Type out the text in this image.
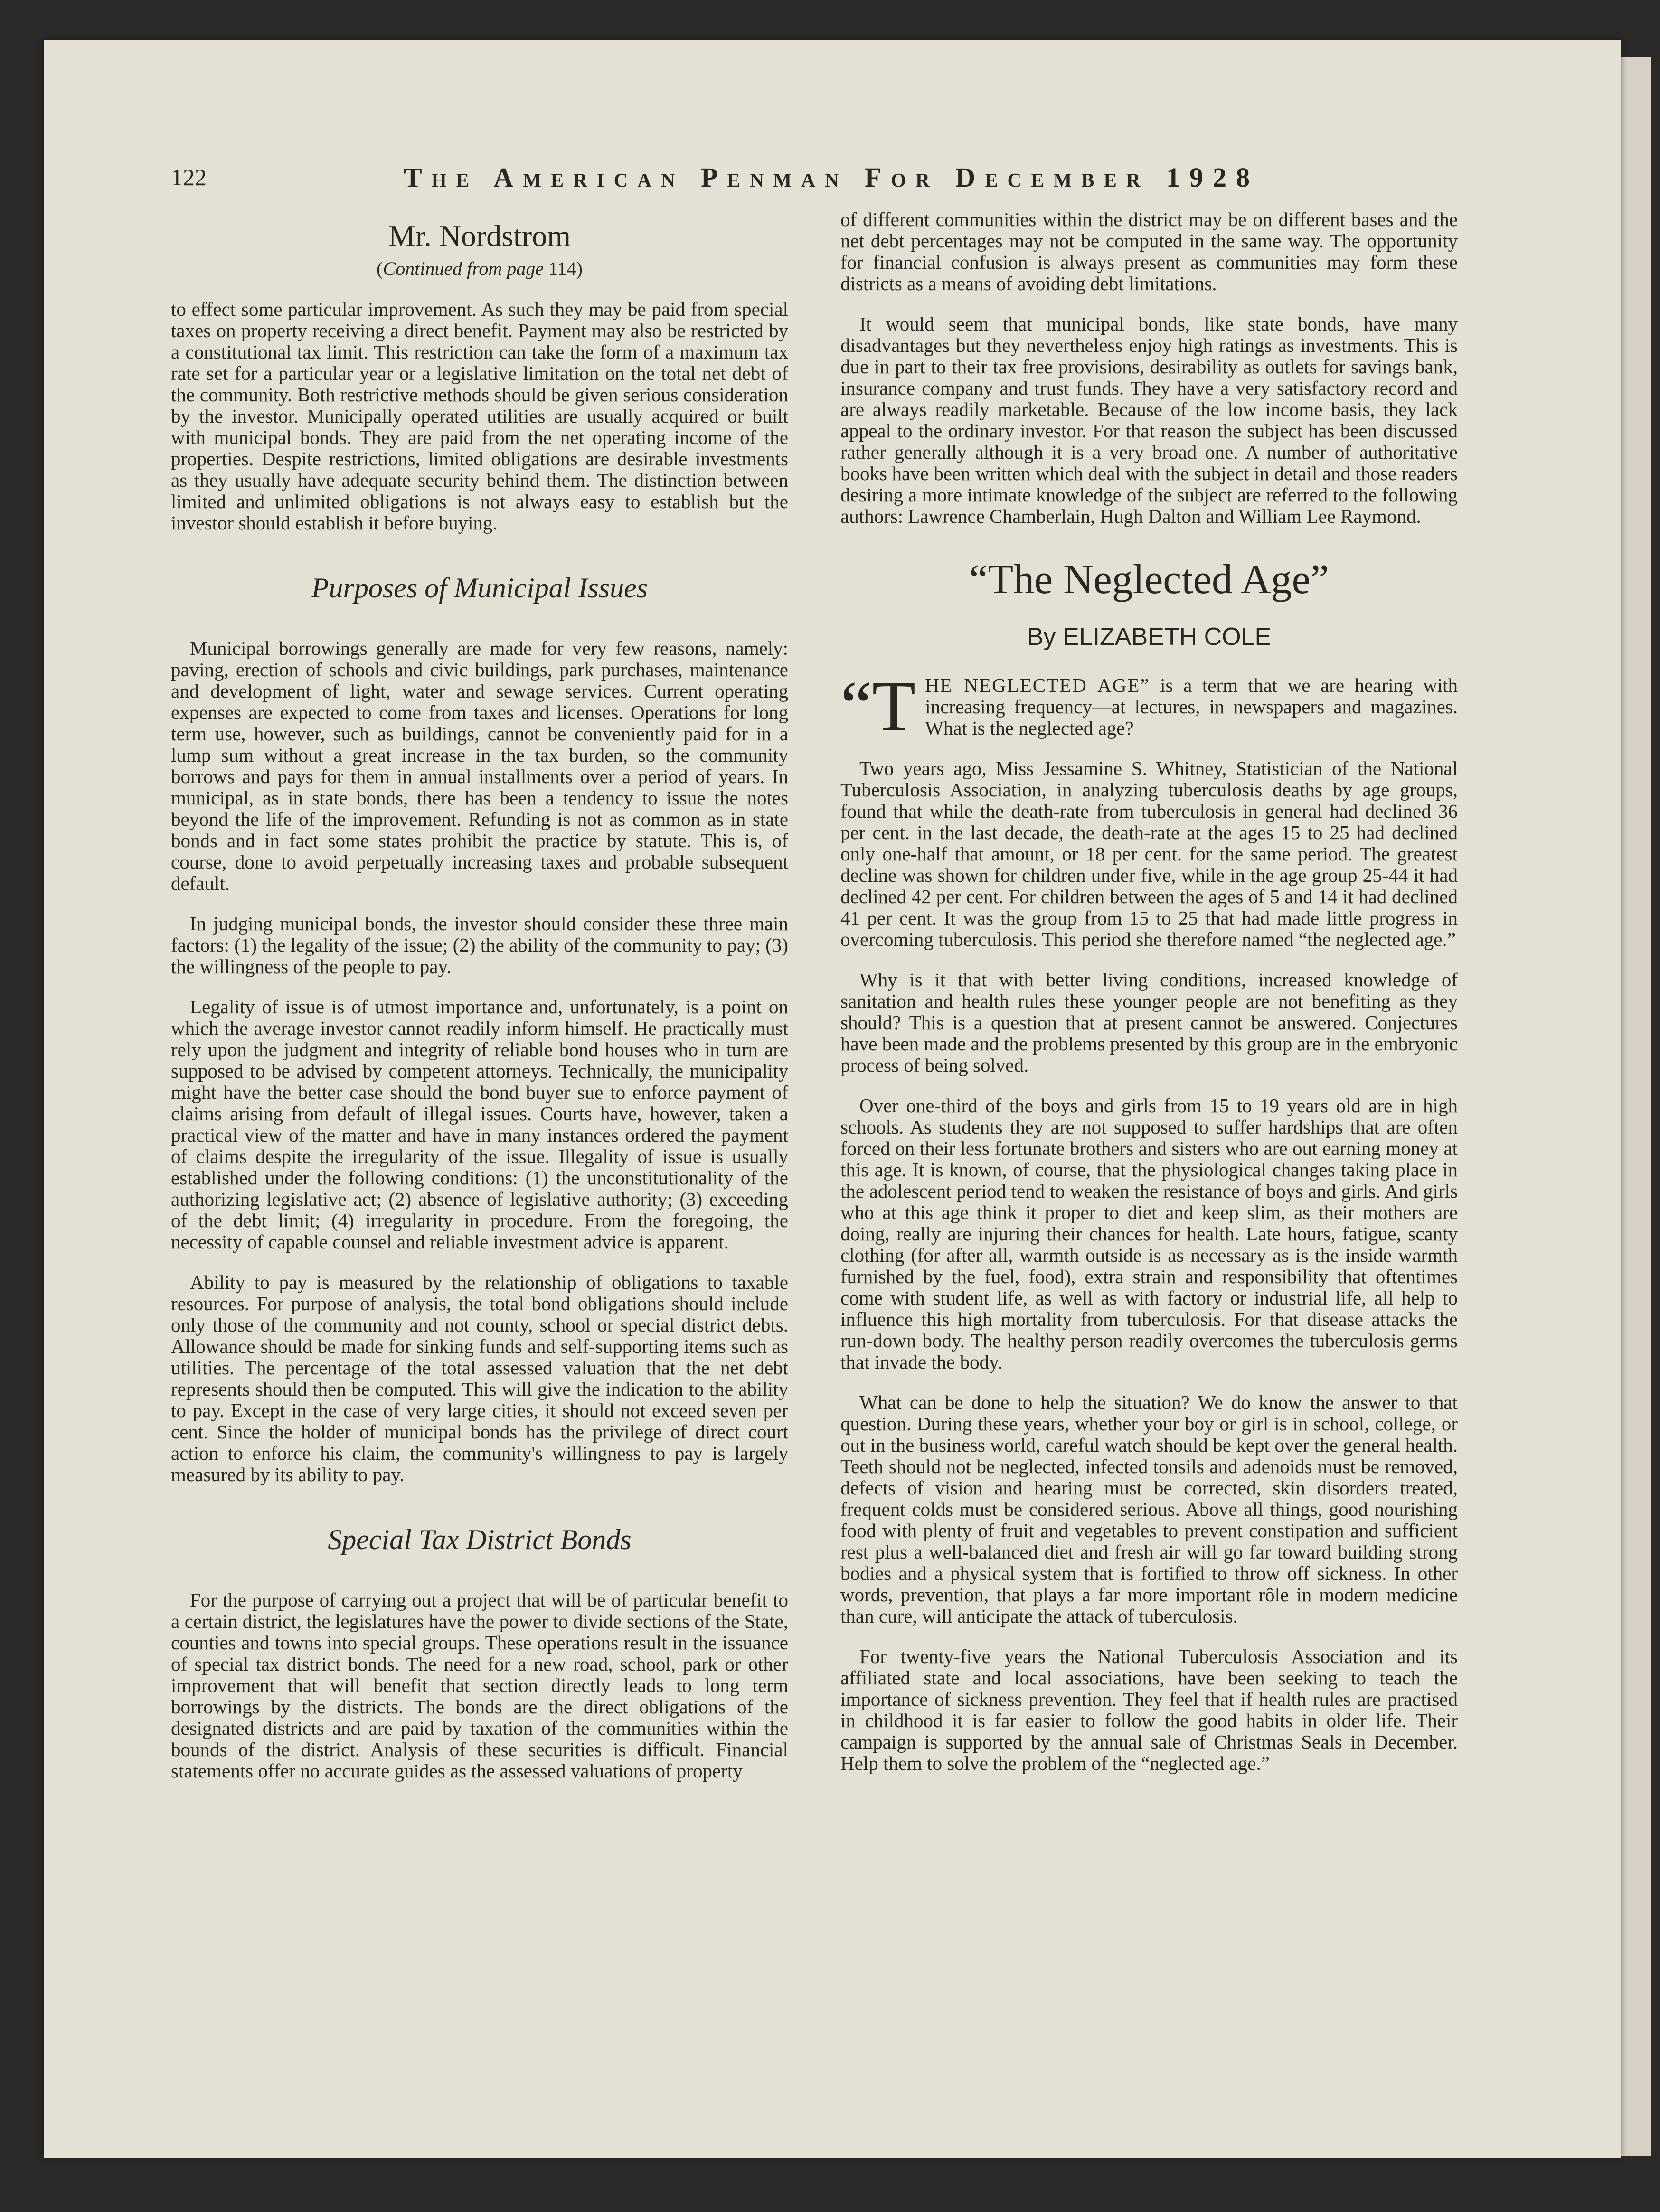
122	The American Penman For December 1928
Mr. Nordstrom
(Continued from page 114)

to effect some particular improvement. As such they may be paid from special taxes on property receiving a direct benefit. Payment may also be restricted by a constitutional tax limit. This restriction can take the form of a maximum tax rate set for a particular year or a legislative limitation on the total net debt of the community. Both restrictive methods should be given serious consideration by the investor. Municipally operated utilities are usually acquired or built with municipal bonds. They are paid from the net operating income of the properties. Despite restrictions, limited obligations are desirable investments as they usually have adequate security behind them. The distinction between limited and unlimited obligations is not always easy to establish but the investor should establish it before buying.

Purposes of Municipal Issues

Municipal borrowings generally are made for very few reasons, namely: paving, erection of schools and civic buildings, park purchases, maintenance and development of light, water and sewage services. Current operating expenses are expected to come from taxes and licenses. Operations for long term use, however, such as buildings, cannot be conveniently paid for in a lump sum without a great increase in the tax burden, so the community borrows and pays for them in annual installments over a period of years. In municipal, as in state bonds, there has been a tendency to issue the notes beyond the life of the improvement. Refunding is not as common as in state bonds and in fact some states prohibit the practice by statute. This is, of course, done to avoid perpetually increasing taxes and probable subsequent default.

In judging municipal bonds, the investor should consider these three main factors: (1) the legality of the issue; (2) the ability of the community to pay; (3) the willingness of the people to pay.

Legality of issue is of utmost importance and, unfortunately, is a point on which the average investor cannot readily inform himself. He practically must rely upon the judgment and integrity of reliable bond houses who in turn are supposed to be advised by competent attorneys. Technically, the municipality might have the better case should the bond buyer sue to enforce payment of claims arising from default of illegal issues. Courts have, however, taken a practical view of the matter and have in many instances ordered the payment of claims despite the irregularity of the issue. Illegality of issue is usually established under the following conditions: (1) the unconstitutionality of the authorizing legislative act; (2) absence of legislative authority; (3) exceeding of the debt limit; (4) irregularity in procedure. From the foregoing, the necessity of capable counsel and reliable investment advice is apparent.

Ability to pay is measured by the relationship of obligations to taxable resources. For purpose of analysis, the total bond obligations should include only those of the community and not county, school or special district debts. Allowance should be made for sinking funds and self-supporting items such as utilities. The percentage of the total assessed valuation that the net debt represents should then be computed. This will give the indication to the ability to pay. Except in the case of very large cities, it should not exceed seven per cent. Since the holder of municipal bonds has the privilege of direct court action to enforce his claim, the community's willingness to pay is largely measured by its ability to pay.

Special Tax District Bonds

For the purpose of carrying out a project that will be of particular benefit to a certain district, the legislatures have the power to divide sections of the State, counties and towns into special groups. These operations result in the issuance of special tax district bonds. The need for a new road, school, park or other improvement that will benefit that section directly leads to long term borrowings by the districts. The bonds are the direct obligations of the designated districts and are paid by taxation of the communities within the bounds of the district. Analysis of these securities is difficult. Financial statements offer no accurate guides as the assessed valuations of property

of different communities within the district may be on different bases and the net debt percentages may not be computed in the same way. The opportunity for financial confusion is always present as communities may form these districts as a means of avoiding debt limitations.

It would seem that municipal bonds, like state bonds, have many disadvantages but they nevertheless enjoy high ratings as investments. This is due in part to their tax free provisions, desirability as outlets for savings bank, insurance company and trust funds. They have a very satisfactory record and are always readily marketable. Because of the low income basis, they lack appeal to the ordinary investor. For that reason the subject has been discussed rather generally although it is a very broad one. A number of authoritative books have been written which deal with the subject in detail and those readers desiring a more intimate knowledge of the subject are referred to the following authors: Lawrence Chamberlain, Hugh Dalton and William Lee Raymond.

“The Neglected Age”
By ELIZABETH COLE

“THE NEGLECTED AGE” is a term that we are hearing with increasing frequency—at lectures, in newspapers and magazines. What is the neglected age?

Two years ago, Miss Jessamine S. Whitney, Statistician of the National Tuberculosis Association, in analyzing tuberculosis deaths by age groups, found that while the death-rate from tuberculosis in general had declined 36 per cent. in the last decade, the death-rate at the ages 15 to 25 had declined only one-half that amount, or 18 per cent. for the same period. The greatest decline was shown for children under five, while in the age group 25-44 it had declined 42 per cent. For children between the ages of 5 and 14 it had declined 41 per cent. It was the group from 15 to 25 that had made little progress in overcoming tuberculosis. This period she therefore named “the neglected age.”

Why is it that with better living conditions, increased knowledge of sanitation and health rules these younger people are not benefiting as they should? This is a question that at present cannot be answered. Conjectures have been made and the problems presented by this group are in the embryonic process of being solved.

Over one-third of the boys and girls from 15 to 19 years old are in high schools. As students they are not supposed to suffer hardships that are often forced on their less fortunate brothers and sisters who are out earning money at this age. It is known, of course, that the physiological changes taking place in the adolescent period tend to weaken the resistance of boys and girls. And girls who at this age think it proper to diet and keep slim, as their mothers are doing, really are injuring their chances for health. Late hours, fatigue, scanty clothing (for after all, warmth outside is as necessary as is the inside warmth furnished by the fuel, food), extra strain and responsibility that oftentimes come with student life, as well as with factory or industrial life, all help to influence this high mortality from tuberculosis. For that disease attacks the run-down body. The healthy person readily overcomes the tuberculosis germs that invade the body.

What can be done to help the situation? We do know the answer to that question. During these years, whether your boy or girl is in school, college, or out in the business world, careful watch should be kept over the general health. Teeth should not be neglected, infected tonsils and adenoids must be removed, defects of vision and hearing must be corrected, skin disorders treated, frequent colds must be considered serious. Above all things, good nourishing food with plenty of fruit and vegetables to prevent constipation and sufficient rest plus a well-balanced diet and fresh air will go far toward building strong bodies and a physical system that is fortified to throw off sickness. In other words, prevention, that plays a far more important rôle in modern medicine than cure, will anticipate the attack of tuberculosis.

For twenty-five years the National Tuberculosis Association and its affiliated state and local associations, have been seeking to teach the importance of sickness prevention. They feel that if health rules are practised in childhood it is far easier to follow the good habits in older life. Their campaign is supported by the annual sale of Christmas Seals in December. Help them to solve the problem of the “neglected age.”
